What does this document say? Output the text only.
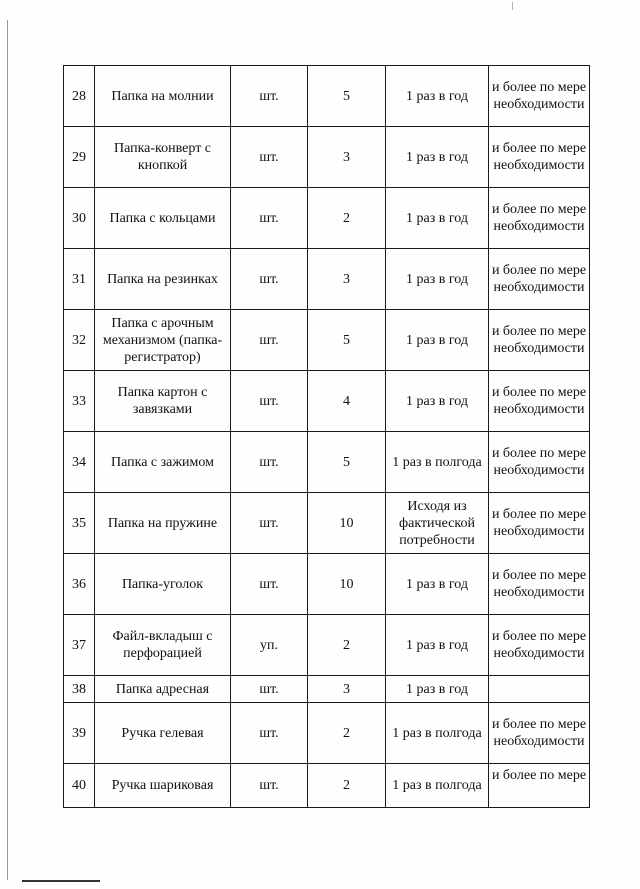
28	Папка на молнии	шт.	5	1 раз в год	и более по мере необходимости
29	Папка-конверт с кнопкой	шт.	3	1 раз в год	и более по мере необходимости
30	Папка с кольцами	шт.	2	1 раз в год	и более по мере необходимости
31	Папка на резинках	шт.	3	1 раз в год	и более по мере необходимости
32	Папка с арочным механизмом (папка-регистратор)	шт.	5	1 раз в год	и более по мере необходимости
33	Папка картон с завязками	шт.	4	1 раз в год	и более по мере необходимости
34	Папка с зажимом	шт.	5	1 раз в полгода	и более по мере необходимости
35	Папка на пружине	шт.	10	Исходя из фактической потребности	и более по мере необходимости
36	Папка-уголок	шт.	10	1 раз в год	и более по мере необходимости
37	Файл-вкладыш с перфорацией	уп.	2	1 раз в год	и более по мере необходимости
38	Папка адресная	шт.	3	1 раз в год	
39	Ручка гелевая	шт.	2	1 раз в полгода	и более по мере необходимости
40	Ручка шариковая	шт.	2	1 раз в полгода	и более по мере
